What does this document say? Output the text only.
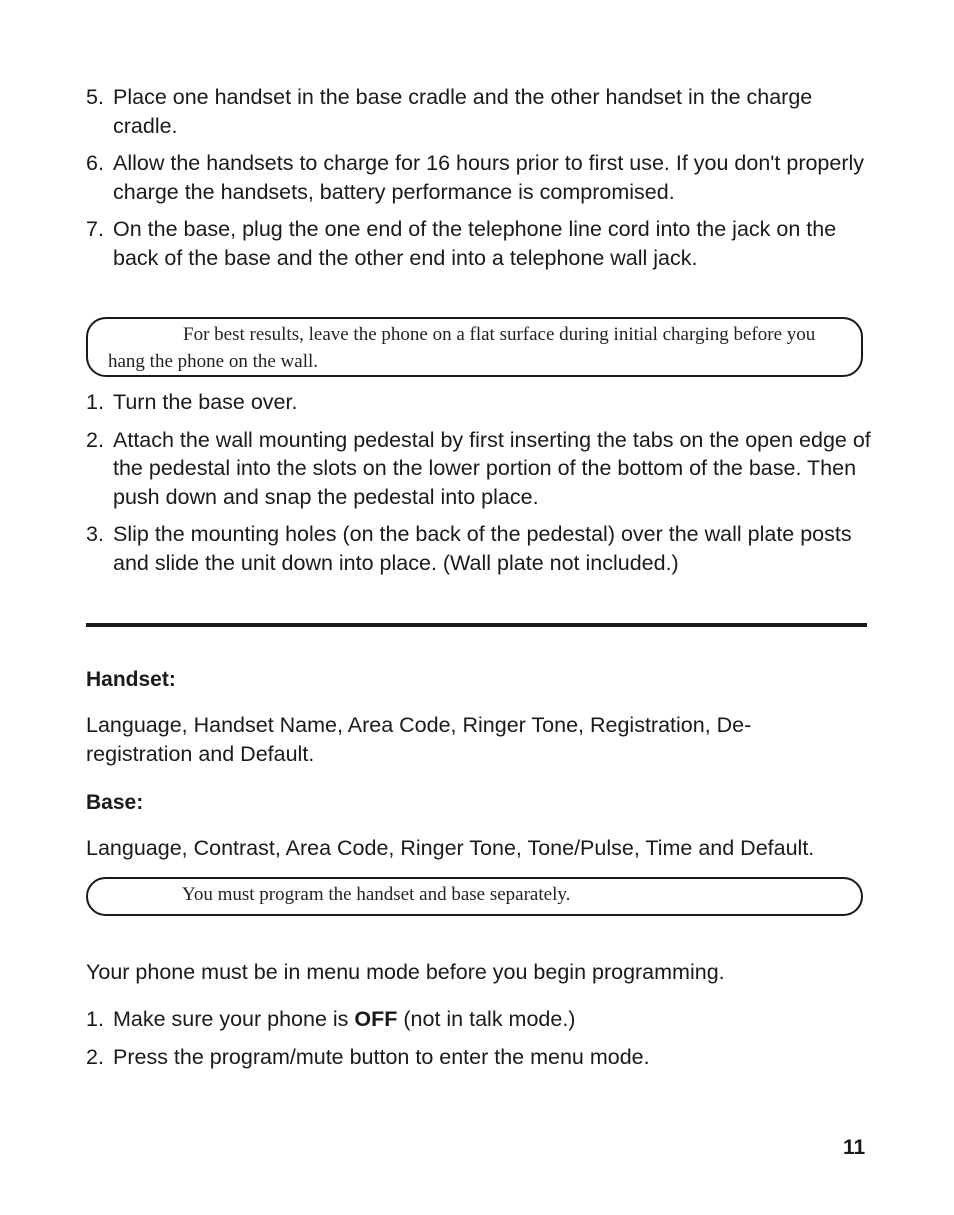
5. Place one handset in the base cradle and the other handset in the charge cradle.
6. Allow the handsets to charge for 16 hours prior to first use. If you don't properly charge the handsets, battery performance is compromised.
7. On the base, plug the one end of the telephone line cord into the jack on the back of the base and the other end into a telephone wall jack.
For best results, leave the phone on a flat surface during initial charging before you hang the phone on the wall.
1. Turn the base over.
2. Attach the wall mounting pedestal by first inserting the tabs on the open edge of the pedestal into the slots on the lower portion of the bottom of the base. Then push down and snap the pedestal into place.
3. Slip the mounting holes (on the back of the pedestal) over the wall plate posts and slide the unit down into place. (Wall plate not included.)
Handset:
Language, Handset Name, Area Code, Ringer Tone, Registration, De-registration and Default.
Base:
Language, Contrast, Area Code, Ringer Tone, Tone/Pulse, Time and Default.
You must program the handset and base separately.
Your phone must be in menu mode before you begin programming.
1. Make sure your phone is OFF (not in talk mode.)
2. Press the program/mute button to enter the menu mode.
11
